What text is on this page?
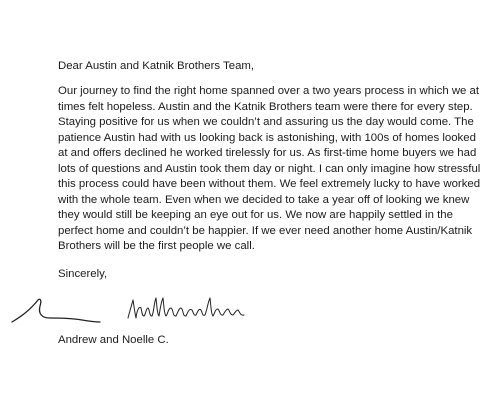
Dear Austin and Katnik Brothers Team,

Our journey to find the right home spanned over a two years process in which we at times felt hopeless. Austin and the Katnik Brothers team were there for every step. Staying positive for us when we couldn’t and assuring us the day would come. The patience Austin had with us looking back is astonishing, with 100s of homes looked at and offers declined he worked tirelessly for us. As first-time home buyers we had lots of questions and Austin took them day or night. I can only imagine how stressful this process could have been without them. We feel extremely lucky to have worked with the whole team. Even when we decided to take a year off of looking we knew they would still be keeping an eye out for us. We now are happily settled in the perfect home and couldn’t be happier. If we ever need another home Austin/Katnik Brothers will be the first people we call.

Sincerely,

Andrew and Noelle C.
